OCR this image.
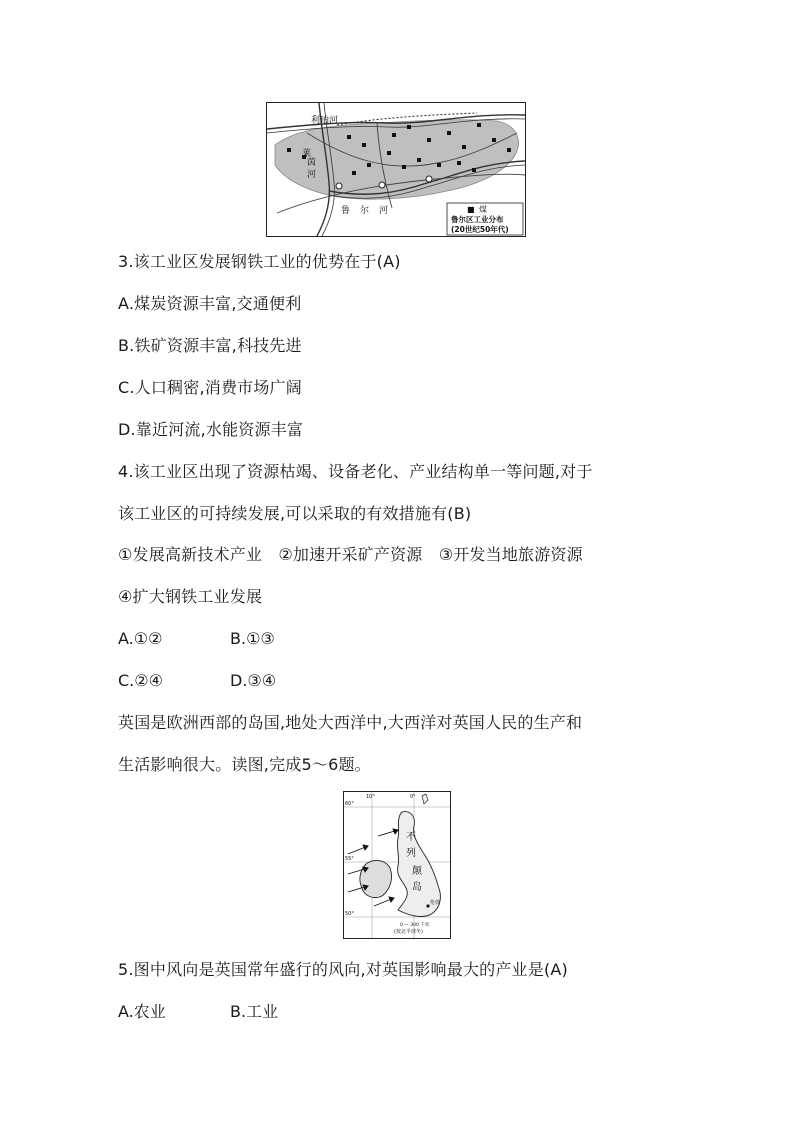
利珀河
莱
茵
河
鲁尔河	■ 煤
鲁尔区工业分布
(20世纪50年代)
3.该工业区发展钢铁工业的优势在于(A)
A.煤炭资源丰富,交通便利
B.铁矿资源丰富,科技先进
C.人口稠密,消费市场广阔
D.靠近河流,水能资源丰富
4.该工业区出现了资源枯竭、设备老化、产业结构单一等问题,对于
该工业区的可持续发展,可以采取的有效措施有(B)
①发展高新技术产业　②加速开采矿产资源　③开发当地旅游资源
④扩大钢铁工业发展
A.①②	B.①③
C.②④	D.③④
英国是欧洲西部的岛国,地处大西洋中,大西洋对英国人民的生产和
生活影响很大。读图,完成5～6题。
60°
55°
50°
10°	0°
不
列
颠
岛
伦敦
0 — 300 千米
(按北半球冬)
5.图中风向是英国常年盛行的风向,对英国影响最大的产业是(A)
A.农业	B.工业
